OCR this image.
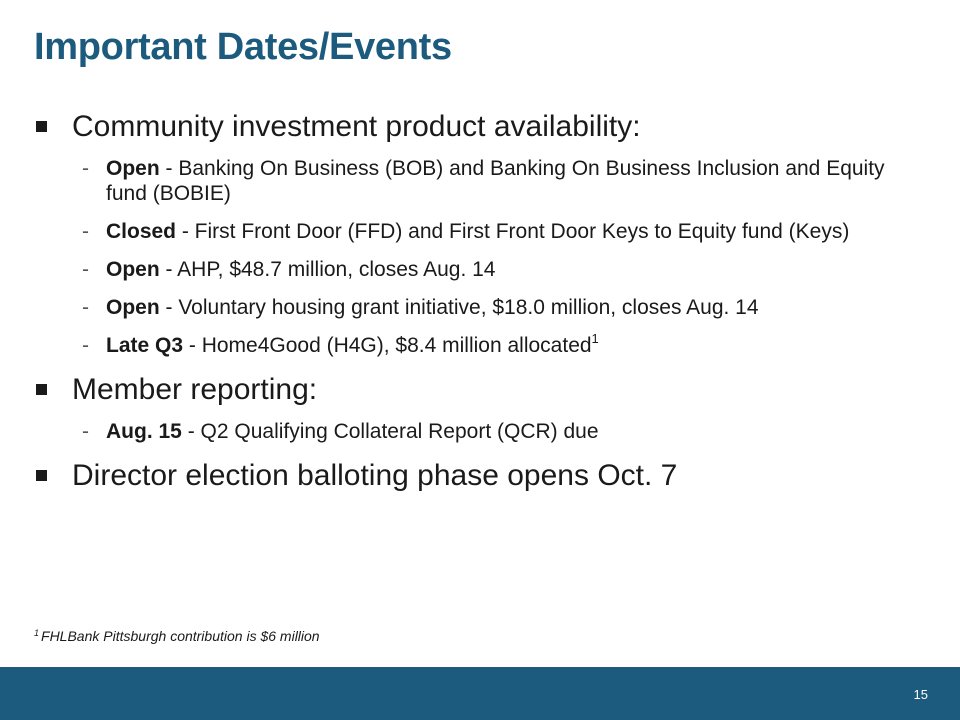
Important Dates/Events
Community investment product availability:
- Open - Banking On Business (BOB) and Banking On Business Inclusion and Equity fund (BOBIE)
- Closed - First Front Door (FFD) and First Front Door Keys to Equity fund (Keys)
- Open - AHP, $48.7 million, closes Aug. 14
- Open - Voluntary housing grant initiative, $18.0 million, closes Aug. 14
- Late Q3 - Home4Good (H4G), $8.4 million allocated$^1$
Member reporting:
- Aug. 15 - Q2 Qualifying Collateral Report (QCR) due
Director election balloting phase opens Oct. 7
$^1$ FHLBank Pittsburgh contribution is $6 million
15
